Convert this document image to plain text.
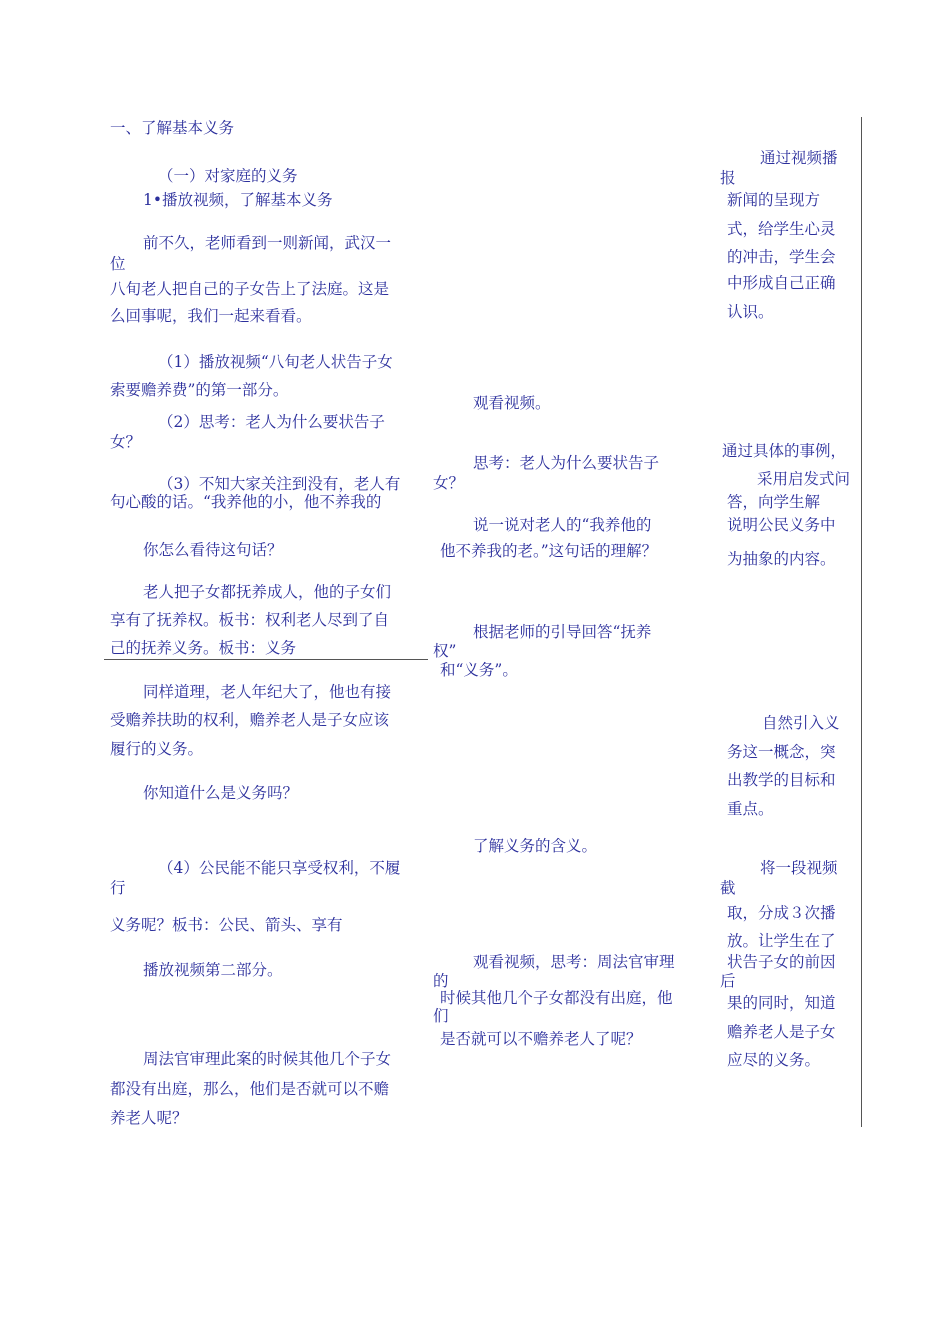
一、了解基本义务

（一）对家庭的义务

1•播放视频，了解基本义务

前不久，老师看到一则新闻，武汉一

位

八旬老人把自己的子女告上了法庭。这是

么回事呢，我们一起来看看。

（1）播放视频“八旬老人状告子女

索要赡养费”的第一部分。

（2）思考：老人为什么要状告子

女？

（3）不知大家关注到没有，老人有

句心酸的话。“我养他的小，他不养我的

你怎么看待这句话？

老人把子女都抚养成人，他的子女们

享有了抚养权。板书：权利老人尽到了自

己的抚养义务。板书：义务

同样道理，老人年纪大了，他也有接

受赡养扶助的权利，赡养老人是子女应该

履行的义务。

你知道什么是义务吗？

（4）公民能不能只享受权利，不履

行

义务呢？板书：公民、箭头、享有

播放视频第二部分。

周法官审理此案的时候其他几个子女

都没有出庭，那么，他们是否就可以不赡

养老人呢？

观看视频。

思考：老人为什么要状告子

女？

说一说对老人的“我养他的

他不养我的老。”这句话的理解？

根据老师的引导回答“抚养

权”

和“义务”。

了解义务的含义。

观看视频，思考：周法官审理

的

时候其他几个子女都没有出庭，他

们

是否就可以不赡养老人了呢？

通过视频播

报

新闻的呈现方

式，给学生心灵

的冲击，学生会

中形成自己正确

认识。

通过具体的事例，

采用启发式问

答，向学生解

说明公民义务中

为抽象的内容。

自然引入义

务这一概念，突

出教学的目标和

重点。

将一段视频

截

取，分成３次播

放。让学生在了

状告子女的前因

后

果的同时，知道

赡养老人是子女

应尽的义务。
